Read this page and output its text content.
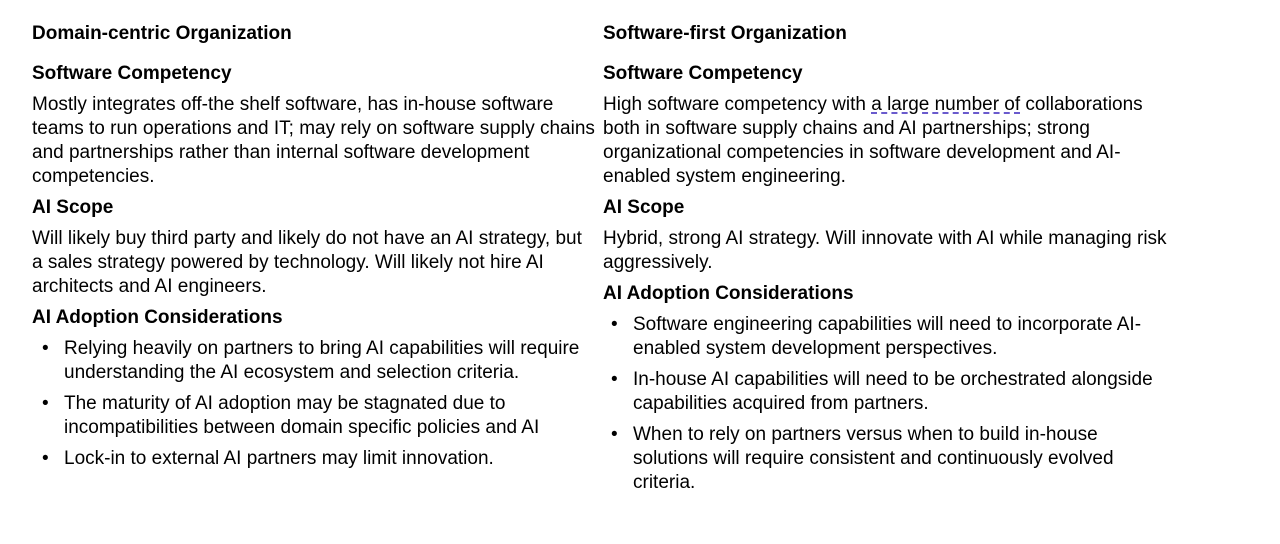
Domain-centric Organization
Software Competency
Mostly integrates off-the shelf software, has in-house software teams to run operations and IT; may rely on software supply chains and partnerships rather than internal software development competencies.
AI Scope
Will likely buy third party and likely do not have an AI strategy, but a sales strategy powered by technology. Will likely not hire AI architects and AI engineers.
AI Adoption Considerations
• Relying heavily on partners to bring AI capabilities will require understanding the AI ecosystem and selection criteria.
• The maturity of AI adoption may be stagnated due to incompatibilities between domain specific policies and AI
• Lock-in to external AI partners may limit innovation.
Software-first Organization
Software Competency
High software competency with a large number of collaborations both in software supply chains and AI partnerships; strong organizational competencies in software development and AI-enabled system engineering.
AI Scope
Hybrid, strong AI strategy. Will innovate with AI while managing risk aggressively.
AI Adoption Considerations
• Software engineering capabilities will need to incorporate AI-enabled system development perspectives.
• In-house AI capabilities will need to be orchestrated alongside capabilities acquired from partners.
• When to rely on partners versus when to build in-house solutions will require consistent and continuously evolved criteria.
